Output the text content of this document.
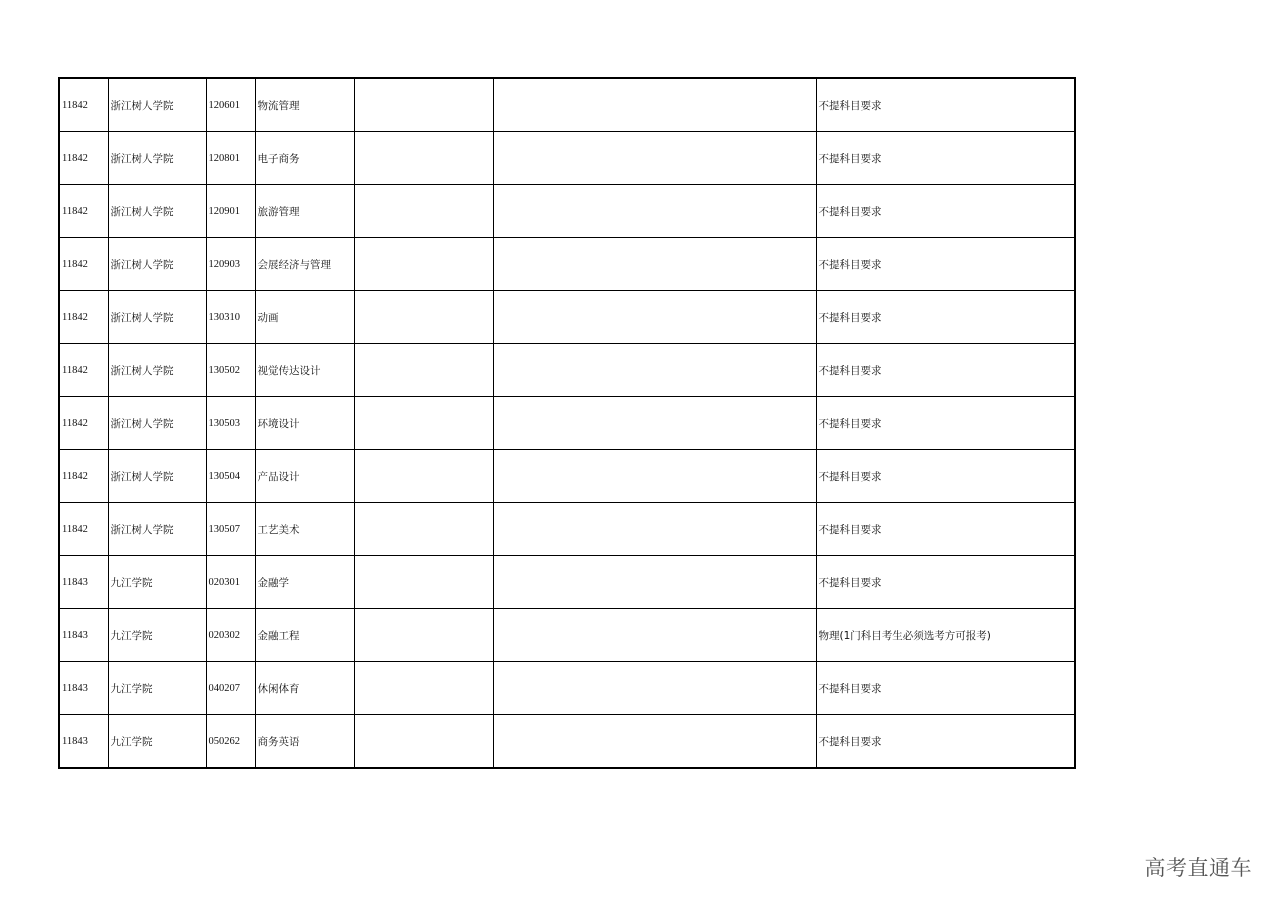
11842	浙江树人学院	120601	物流管理			不提科目要求
11842	浙江树人学院	120801	电子商务			不提科目要求
11842	浙江树人学院	120901	旅游管理			不提科目要求
11842	浙江树人学院	120903	会展经济与管理			不提科目要求
11842	浙江树人学院	130310	动画			不提科目要求
11842	浙江树人学院	130502	视觉传达设计			不提科目要求
11842	浙江树人学院	130503	环境设计			不提科目要求
11842	浙江树人学院	130504	产品设计			不提科目要求
11842	浙江树人学院	130507	工艺美术			不提科目要求
11843	九江学院	020301	金融学			不提科目要求
11843	九江学院	020302	金融工程			物理(1门科目考生必须选考方可报考)
11843	九江学院	040207	休闲体育			不提科目要求
11843	九江学院	050262	商务英语			不提科目要求
高考直通车
